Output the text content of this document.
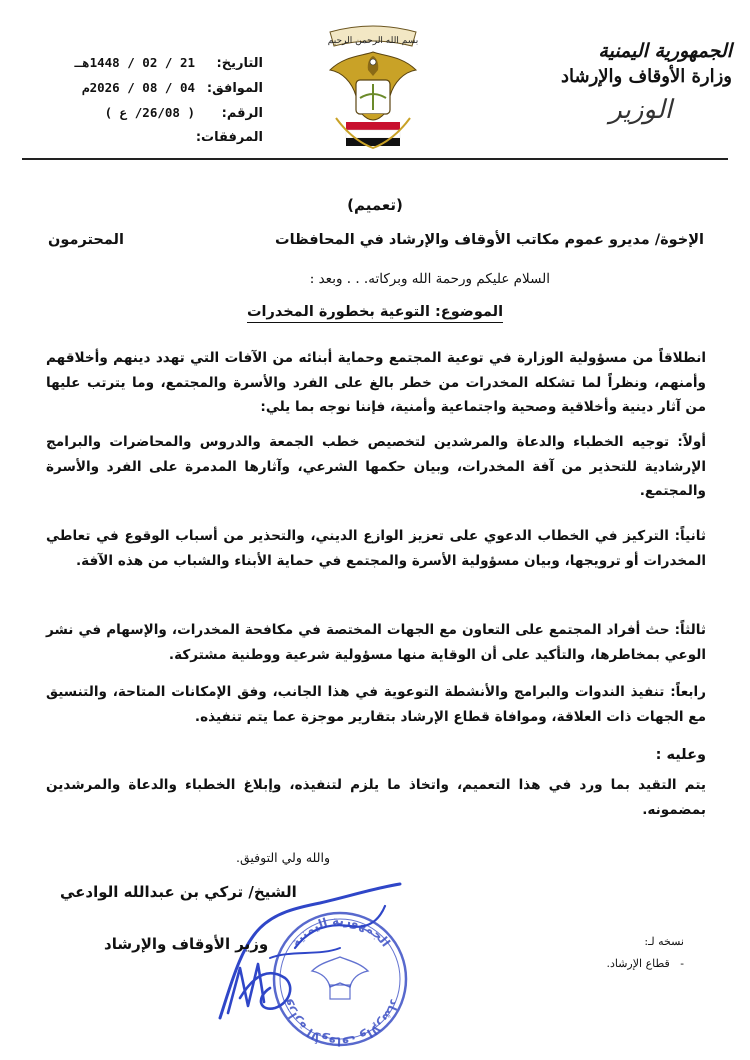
الجمهورية اليمنية
وزارة الأوقاف والإرشاد
الوزير
بسم الله الرحمن الرحيم
التاريخ:
21 / 02 / 1448هـ
الموافق:
04 / 08 / 2026م
الرقم:
( 26/08/ ع )
المرفقات:
(تعميم)
الإخوة/ مديرو عموم مكاتب الأوقاف والإرشاد في المحافظات
المحترمون
السلام عليكم ورحمة الله وبركاته. . . وبعد :
الموضوع: التوعية بخطورة المخدرات
انطلاقاً من مسؤولية الوزارة في توعية المجتمع وحماية أبنائه من الآفات التي تهدد دينهم وأخلاقهم وأمنهم، ونظراً لما تشكله المخدرات من خطر بالغ على الفرد والأسرة والمجتمع، وما يترتب عليها من آثار دينية وأخلاقية وصحية واجتماعية وأمنية، فإننا نوجه بما يلي:
أولاً: توجيه الخطباء والدعاة والمرشدين لتخصيص خطب الجمعة والدروس والمحاضرات والبرامج الإرشادية للتحذير من آفة المخدرات، وبيان حكمها الشرعي، وآثارها المدمرة على الفرد والأسرة والمجتمع.
ثانياً: التركيز في الخطاب الدعوي على تعزيز الوازع الديني، والتحذير من أسباب الوقوع في تعاطي المخدرات أو ترويجها، وبيان مسؤولية الأسرة والمجتمع في حماية الأبناء والشباب من هذه الآفة.
ثالثاً: حث أفراد المجتمع على التعاون مع الجهات المختصة في مكافحة المخدرات، والإسهام في نشر الوعي بمخاطرها، والتأكيد على أن الوقاية منها مسؤولية شرعية ووطنية مشتركة.
رابعاً: تنفيذ الندوات والبرامج والأنشطة التوعوية في هذا الجانب، وفق الإمكانات المتاحة، والتنسيق مع الجهات ذات العلاقة، وموافاة قطاع الإرشاد بتقارير موجزة عما يتم تنفيذه.
وعليه :
يتم التقيد بما ورد في هذا التعميم، واتخاذ ما يلزم لتنفيذه، وإبلاغ الخطباء والدعاة والمرشدين بمضمونه.
والله ولي التوفيق.
الجمهورية اليمنية
وزارة الأوقاف والإرشاد
الشيخ/ تركي بن عبدالله الوادعي
وزير الأوقاف والإرشاد	نسخه لـ:
-   قطاع الإرشاد.
